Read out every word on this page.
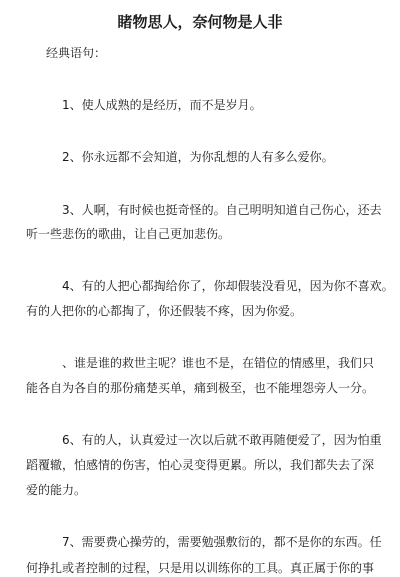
睹物思人，奈何物是人非
经典语句：
1、使人成熟的是经历，而不是岁月。
2、你永远都不会知道，为你乱想的人有多么爱你。
3、人啊，有时候也挺奇怪的。自己明明知道自己伤心，还去
听一些悲伤的歌曲，让自己更加悲伤。
4、有的人把心都掏给你了，你却假装没看见，因为你不喜欢。
有的人把你的心都掏了，你还假装不疼，因为你爱。
、谁是谁的救世主呢？谁也不是，在错位的情感里，我们只
能各自为各自的那份痛楚买单，痛到极至，也不能埋怨旁人一分。
6、有的人，认真爱过一次以后就不敢再随便爱了，因为怕重
蹈覆辙，怕感情的伤害，怕心灵变得更累。所以，我们都失去了深
爱的能力。
7、需要费心操劳的，需要勉强敷衍的，都不是你的东西。任
何挣扎或者控制的过程，只是用以训练你的工具。真正属于你的事
